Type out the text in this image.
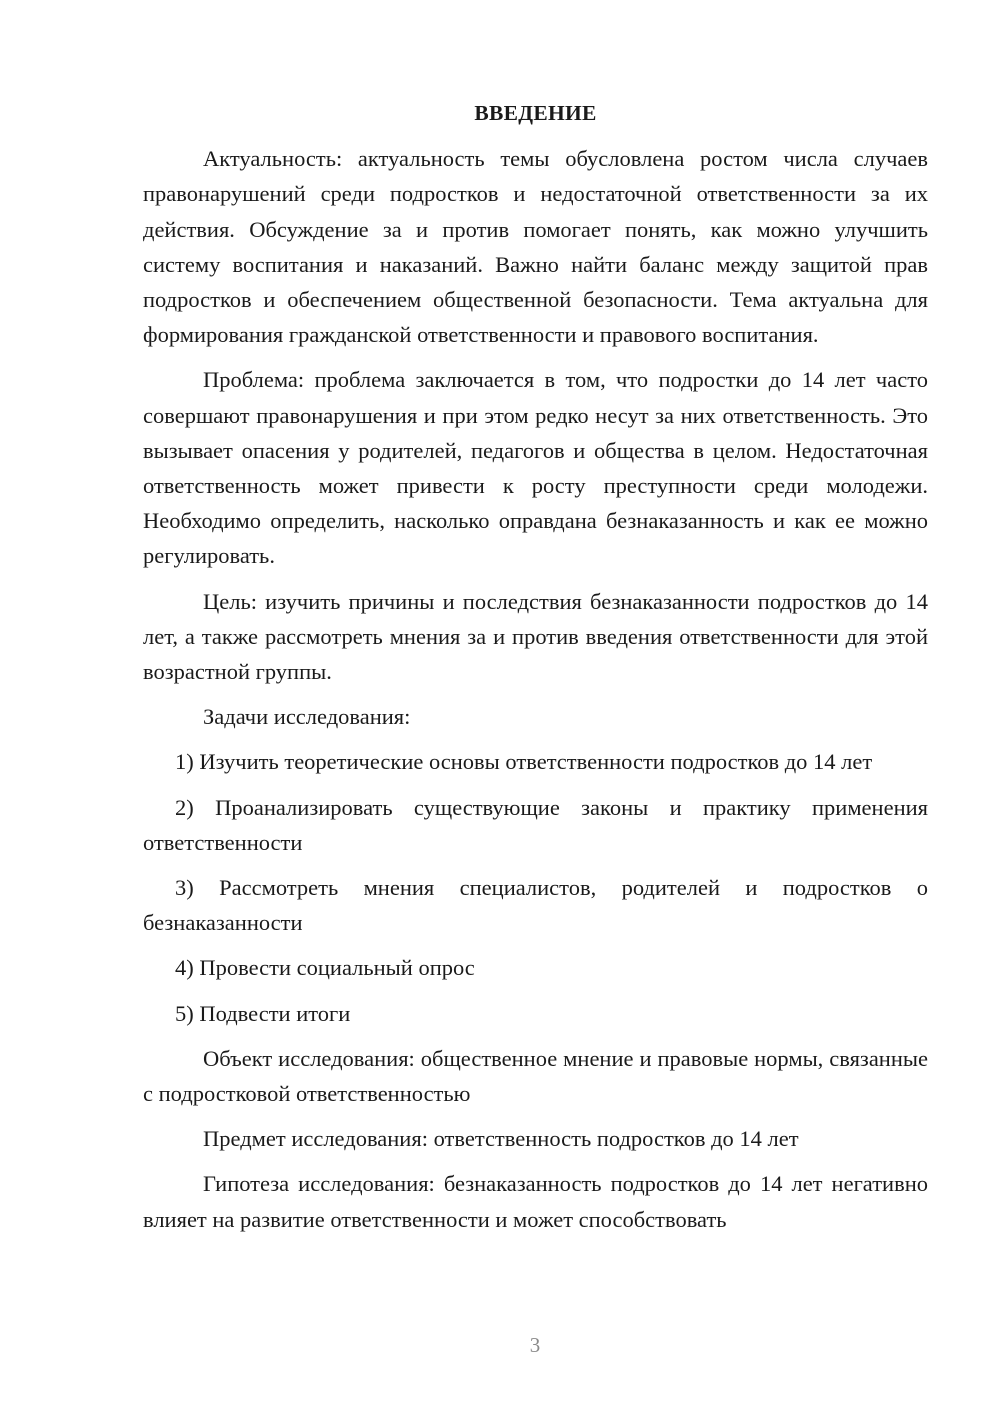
ВВЕДЕНИЕ

Актуальность: актуальность темы обусловлена ростом числа случаев правонарушений среди подростков и недостаточной ответственности за их действия. Обсуждение за и против помогает понять, как можно улучшить систему воспитания и наказаний. Важно найти баланс между защитой прав подростков и обеспечением общественной безопасности. Тема актуальна для формирования гражданской ответственности и правового воспитания.

Проблема: проблема заключается в том, что подростки до 14 лет часто совершают правонарушения и при этом редко несут за них ответственность. Это вызывает опасения у родителей, педагогов и общества в целом. Недостаточная ответственность может привести к росту преступности среди молодежи. Необходимо определить, насколько оправдана безнаказанность и как ее можно регулировать.

Цель: изучить причины и последствия безнаказанности подростков до 14 лет, а также рассмотреть мнения за и против введения ответственности для этой возрастной группы.

Задачи исследования:

1) Изучить теоретические основы ответственности подростков до 14 лет

2) Проанализировать существующие законы и практику применения ответственности

3) Рассмотреть мнения специалистов, родителей и подростков о безнаказанности

4) Провести социальный опрос

5) Подвести итоги

Объект исследования: общественное мнение и правовые нормы, связанные с подростковой ответственностью

Предмет исследования: ответственность подростков до 14 лет

Гипотеза исследования: безнаказанность подростков до 14 лет негативно влияет на развитие ответственности и может способствовать

3
